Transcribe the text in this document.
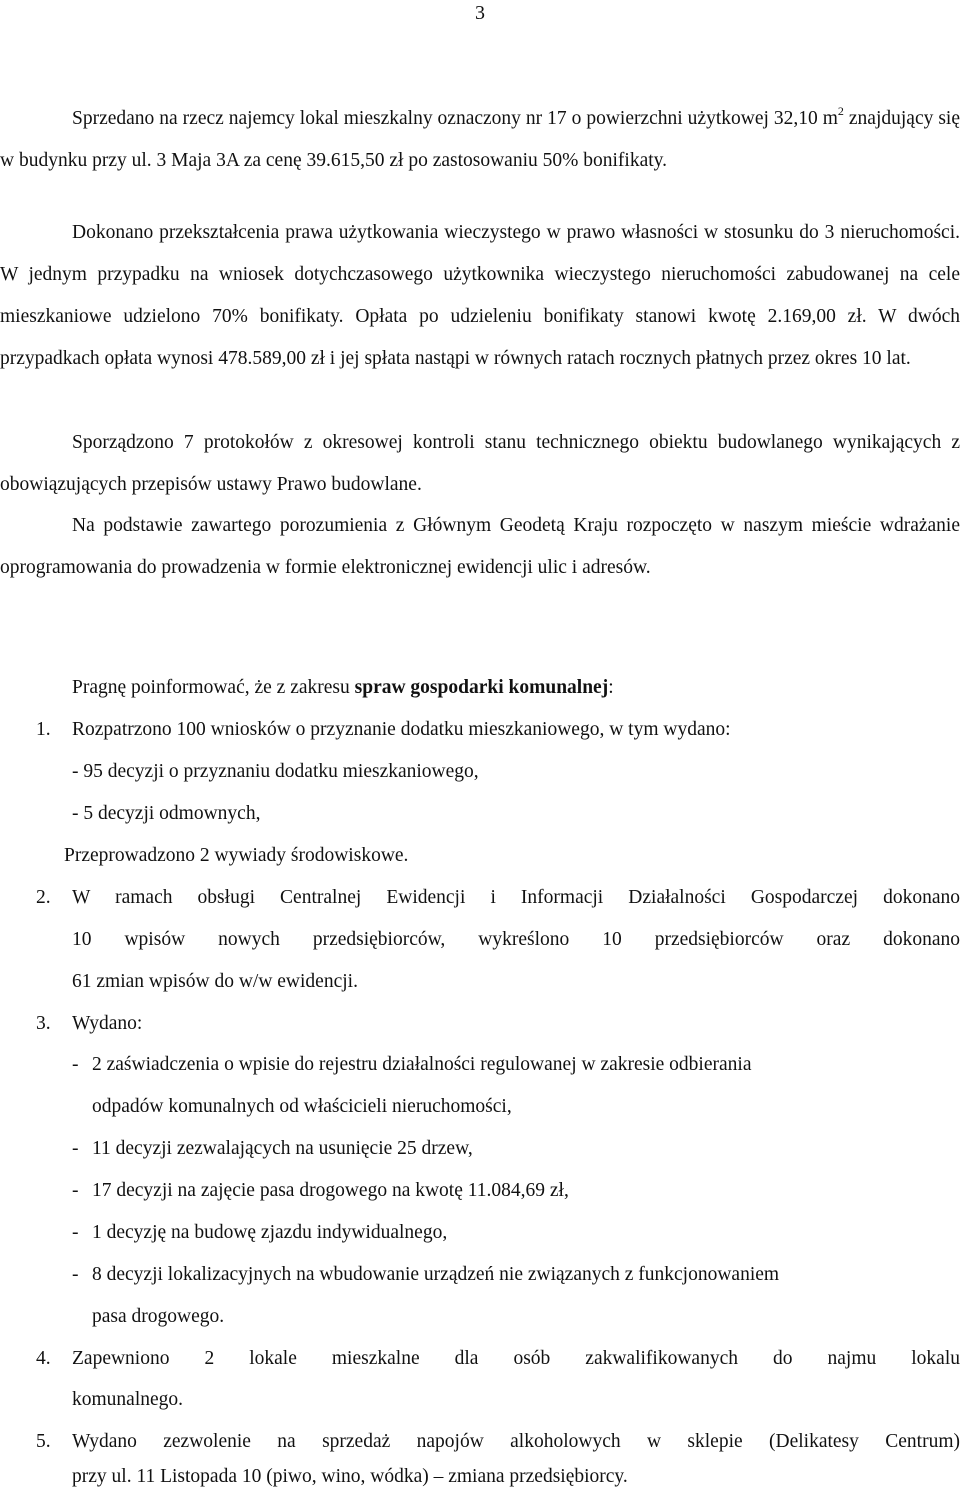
3

Sprzedano na rzecz najemcy lokal mieszkalny oznaczony nr 17 o powierzchni użytkowej 32,10 $m^2$ znajdujący się w budynku przy ul. 3 Maja 3A za cenę 39.615,50 zł po zastosowaniu 50% bonifikaty.

Dokonano przekształcenia prawa użytkowania wieczystego w prawo własności w stosunku do 3 nieruchomości. W jednym przypadku na wniosek dotychczasowego użytkownika wieczystego nieruchomości zabudowanej na cele mieszkaniowe udzielono 70% bonifikaty. Opłata po udzieleniu bonifikaty stanowi kwotę 2.169,00 zł. W dwóch przypadkach opłata wynosi 478.589,00 zł i jej spłata nastąpi w równych ratach rocznych płatnych przez okres 10 lat.

Sporządzono 7 protokołów z okresowej kontroli stanu technicznego obiektu budowlanego wynikających z obowiązujących przepisów ustawy Prawo budowlane.

Na podstawie zawartego porozumienia z Głównym Geodetą Kraju rozpoczęto w naszym mieście wdrażanie oprogramowania do prowadzenia w formie elektronicznej ewidencji ulic i adresów.

Pragnę poinformować, że z zakresu spraw gospodarki komunalnej:
1. Rozpatrzono 100 wniosków o przyznanie dodatku mieszkaniowego, w tym wydano:
- 95 decyzji o przyznaniu dodatku mieszkaniowego,
- 5 decyzji odmownych,
Przeprowadzono 2 wywiady środowiskowe.
2. W ramach obsługi Centralnej Ewidencji i Informacji Działalności Gospodarczej dokonano
10 wpisów nowych przedsiębiorców, wykreślono 10 przedsiębiorców oraz dokonano
61 zmian wpisów do w/w ewidencji.
3. Wydano:
- 2 zaświadczenia o wpisie do rejestru działalności regulowanej w zakresie odbierania
odpadów komunalnych od właścicieli nieruchomości,
- 11 decyzji zezwalających na usunięcie 25 drzew,
- 17 decyzji na zajęcie pasa drogowego na kwotę 11.084,69 zł,
- 1 decyzję na budowę zjazdu indywidualnego,
- 8 decyzji lokalizacyjnych na wbudowanie urządzeń nie związanych z funkcjonowaniem
pasa drogowego.
4. Zapewniono 2 lokale mieszkalne dla osób zakwalifikowanych do najmu lokalu
komunalnego.
5. Wydano zezwolenie na sprzedaż napojów alkoholowych w sklepie (Delikatesy Centrum)
przy ul. 11 Listopada 10 (piwo, wino, wódka) – zmiana przedsiębiorcy.
